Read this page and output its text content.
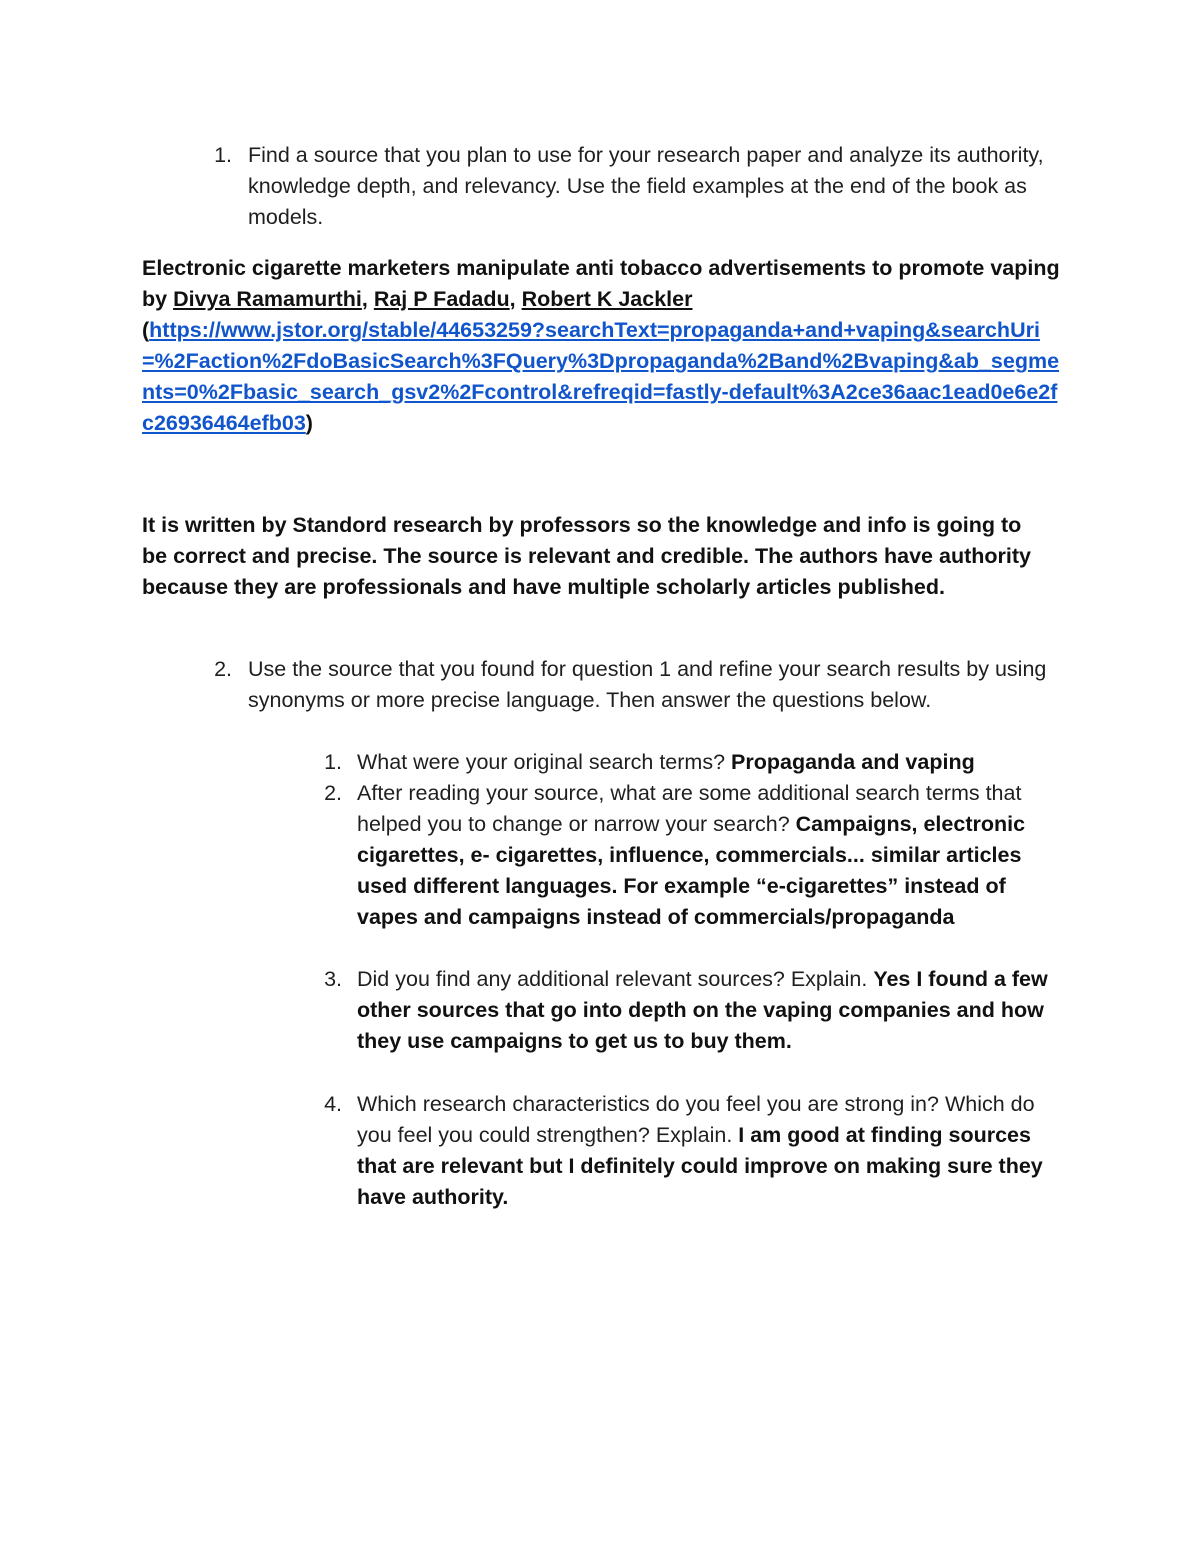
1. Find a source that you plan to use for your research paper and analyze its authority, knowledge depth, and relevancy. Use the field examples at the end of the book as models.

Electronic cigarette marketers manipulate anti tobacco advertisements to promote vaping by Divya Ramamurthi, Raj P Fadadu, Robert K Jackler
(https://www.jstor.org/stable/44653259?searchText=propaganda+and+vaping&searchUri=%2Faction%2FdoBasicSearch%3FQuery%3Dpropaganda%2Band%2Bvaping&ab_segments=0%2Fbasic_search_gsv2%2Fcontrol&refreqid=fastly-default%3A2ce36aac1ead0e6e2fc26936464efb03)

It is written by Standord research by professors so the knowledge and info is going to be correct and precise. The source is relevant and credible. The authors have authority because they are professionals and have multiple scholarly articles published.

2. Use the source that you found for question 1 and refine your search results by using synonyms or more precise language. Then answer the questions below.
1. What were your original search terms? Propaganda and vaping
2. After reading your source, what are some additional search terms that helped you to change or narrow your search? Campaigns, electronic cigarettes, e- cigarettes, influence, commercials... similar articles used different languages. For example “e-cigarettes” instead of vapes and campaigns instead of commercials/propaganda
3. Did you find any additional relevant sources? Explain. Yes I found a few other sources that go into depth on the vaping companies and how they use campaigns to get us to buy them.
4. Which research characteristics do you feel you are strong in? Which do you feel you could strengthen? Explain. I am good at finding sources that are relevant but I definitely could improve on making sure they have authority.
